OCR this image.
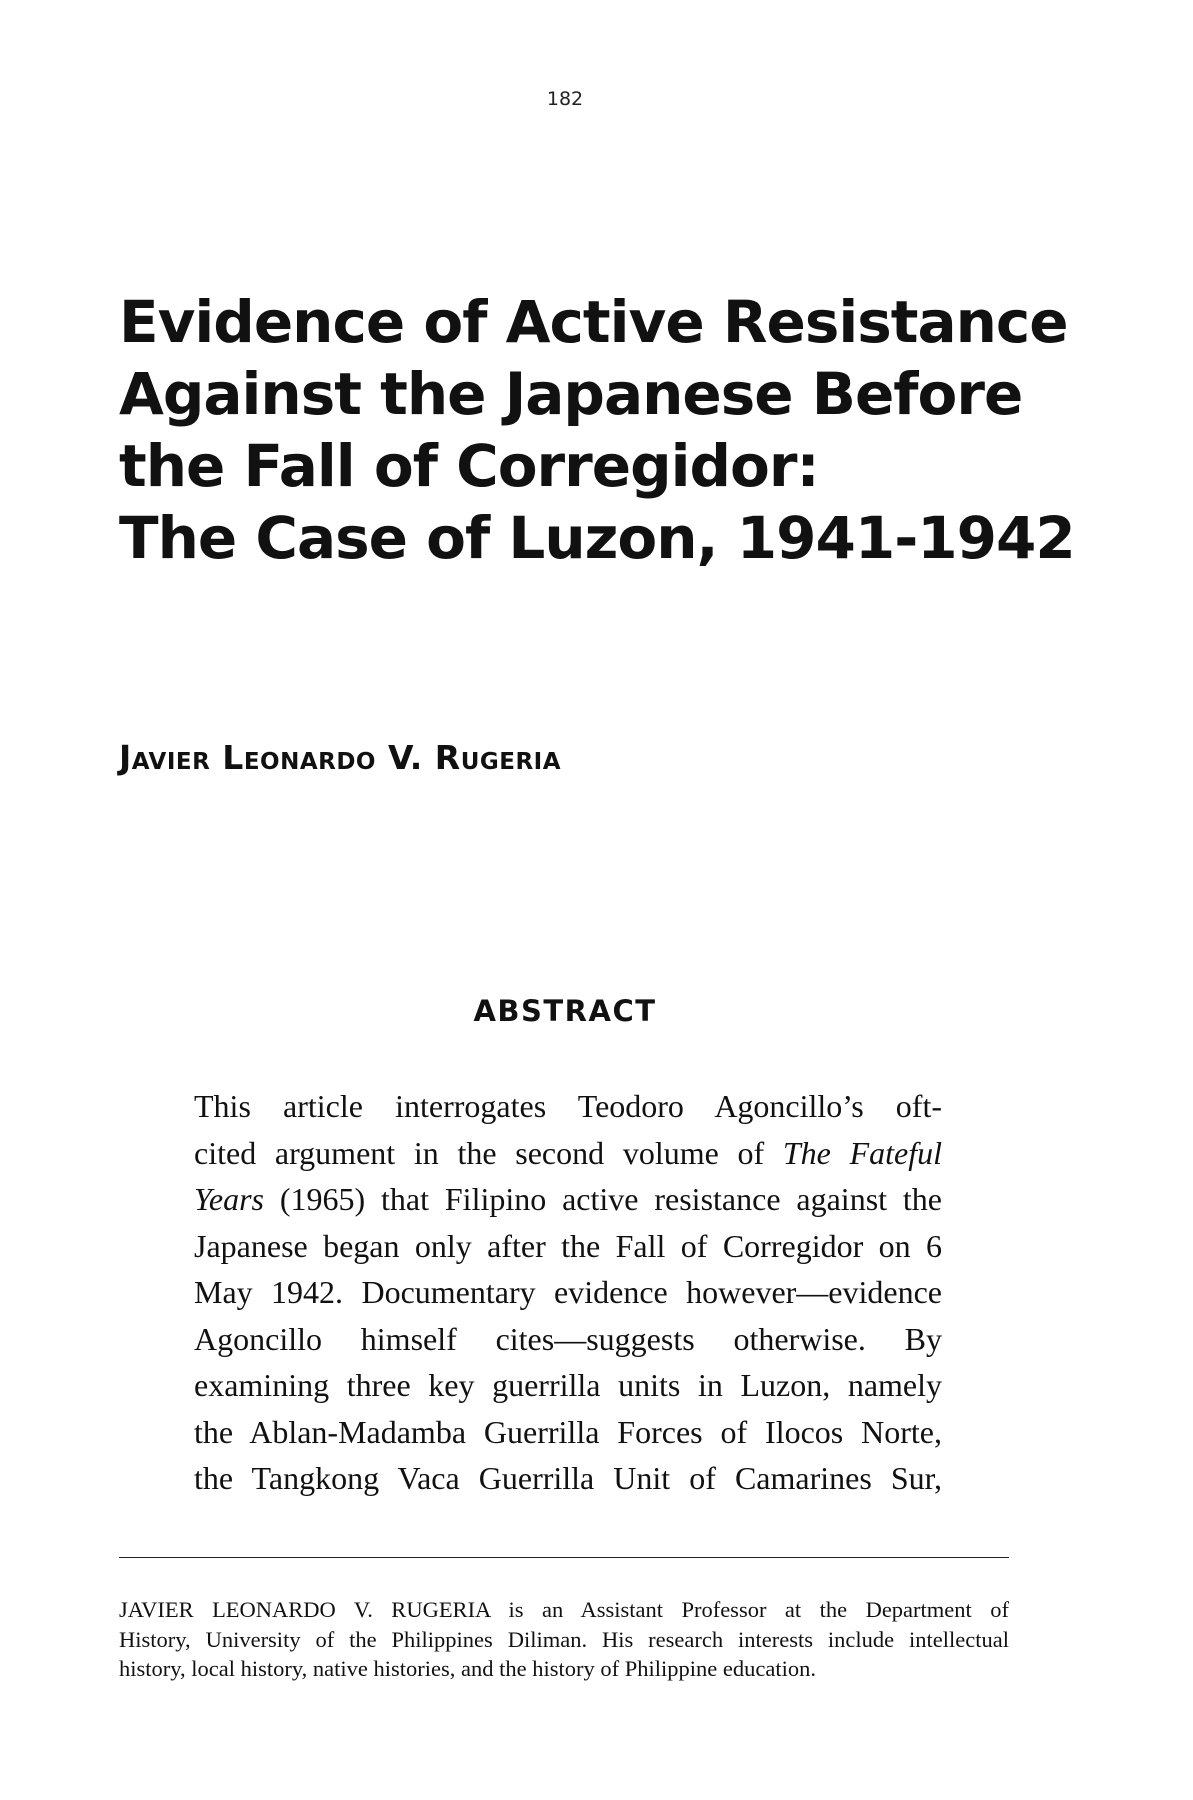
182
Evidence of Active Resistance
Against the Japanese Before
the Fall of Corregidor:
The Case of Luzon, 1941-1942
Javier Leonardo V. Rugeria
ABSTRACT
This article interrogates Teodoro Agoncillo’s oft-
cited argument in the second volume of The Fateful
Years (1965) that Filipino active resistance against the
Japanese began only after the Fall of Corregidor on 6
May 1942. Documentary evidence however—evidence
Agoncillo himself cites—suggests otherwise. By
examining three key guerrilla units in Luzon, namely
the Ablan-Madamba Guerrilla Forces of Ilocos Norte,
the Tangkong Vaca Guerrilla Unit of Camarines Sur,
JAVIER LEONARDO V. RUGERIA is an Assistant Professor at the Department of
History, University of the Philippines Diliman. His research interests include intellectual
history, local history, native histories, and the history of Philippine education.
